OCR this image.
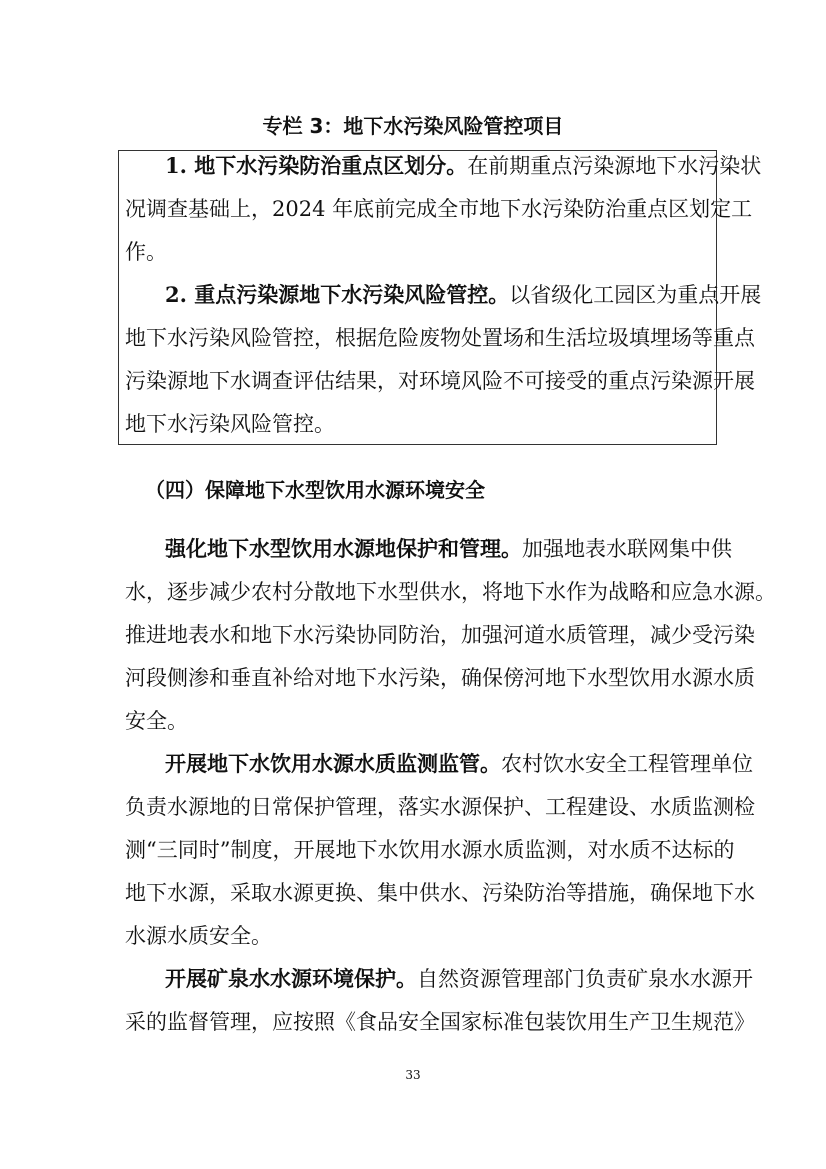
专栏 3：地下水污染风险管控项目
1. 地下水污染防治重点区划分。在前期重点污染源地下水污染状
况调查基础上，2024 年底前完成全市地下水污染防治重点区划定工
作。
2. 重点污染源地下水污染风险管控。以省级化工园区为重点开展
地下水污染风险管控，根据危险废物处置场和生活垃圾填埋场等重点
污染源地下水调查评估结果，对环境风险不可接受的重点污染源开展
地下水污染风险管控。
（四）保障地下水型饮用水源环境安全
强化地下水型饮用水源地保护和管理。加强地表水联网集中供
水，逐步减少农村分散地下水型供水，将地下水作为战略和应急水源。
推进地表水和地下水污染协同防治，加强河道水质管理，减少受污染
河段侧渗和垂直补给对地下水污染，确保傍河地下水型饮用水源水质
安全。
开展地下水饮用水源水质监测监管。农村饮水安全工程管理单位
负责水源地的日常保护管理，落实水源保护、工程建设、水质监测检
测“三同时”制度，开展地下水饮用水源水质监测，对水质不达标的
地下水源，采取水源更换、集中供水、污染防治等措施，确保地下水
水源水质安全。
开展矿泉水水源环境保护。自然资源管理部门负责矿泉水水源开
采的监督管理，应按照《食品安全国家标准包装饮用生产卫生规范》
33
